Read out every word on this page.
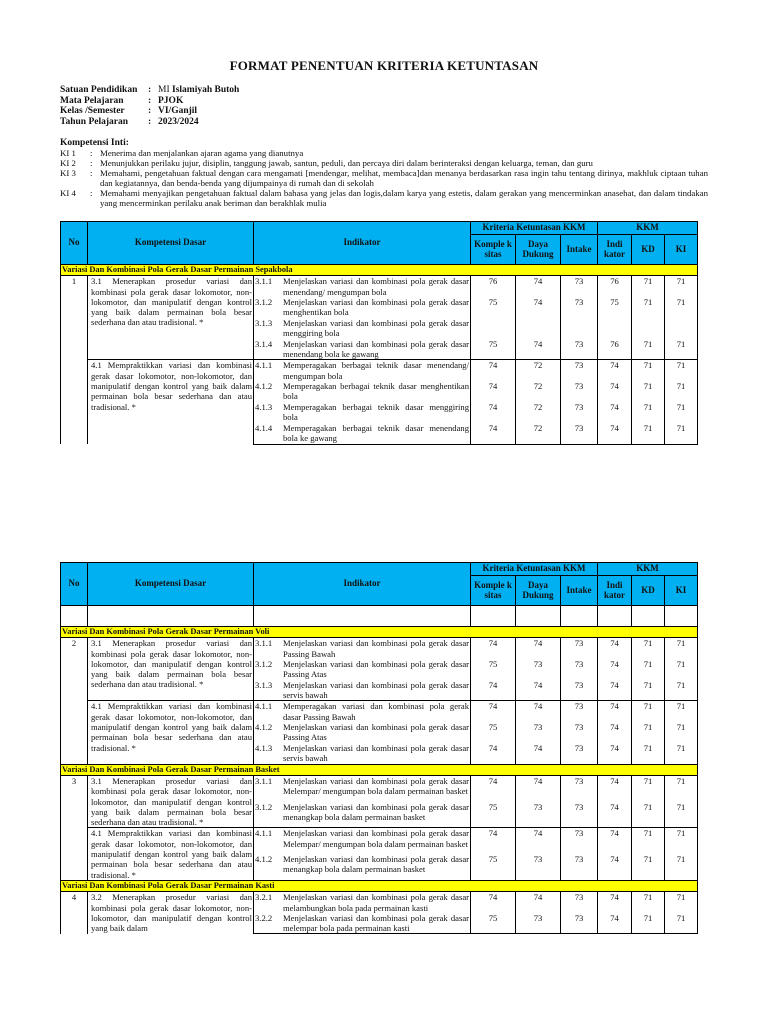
FORMAT PENENTUAN KRITERIA KETUNTASAN
Satuan Pendidikan	: MI Islamiyah Butoh
Mata Pelajaran	: PJOK
Kelas /Semester	: VI/Ganjil
Tahun Pelajaran	: 2023/2024
Kompetensi Inti:
KI 1	: Menerima dan menjalankan ajaran agama yang dianutnya
KI 2	: Menunjukkan perilaku jujur, disiplin, tanggung jawab, santun, peduli, dan percaya diri dalam berinteraksi dengan keluarga, teman, dan guru
KI 3	: Memahami, pengetahuan faktual dengan cara mengamati [mendengar, melihat, membaca]dan menanya berdasarkan rasa ingin tahu tentang dirinya, makhluk ciptaan tuhan dan kegiatannya, dan benda-benda yang dijumpainya di rumah dan di sekolah
KI 4	: Memahami menyajikan pengetahuan faktual dalam bahasa yang jelas dan logis,dalam karya yang estetis, dalam gerakan yang mencerminkan anasehat, dan dalam tindakan yang mencerminkan perilaku anak beriman dan berakhlak mulia
No	Kompetensi Dasar	Indikator	Kriteria Ketuntasan KKM			KKM		
			Komple k sitas	Daya Dukung	Intake	Indi kator	KD	KI
Variasi Dan Kombinasi Pola Gerak Dasar Permainan Sepakbola								
1	3.1 Menerapkan prosedur variasi dan kombinasi pola gerak dasar lokomotor, non-lokomotor, dan manipulatif dengan kontrol yang baik dalam permainan bola besar sederhana dan atau tradisional. *	3.1.1 Menjelaskan variasi dan kombinasi pola gerak dasar menendang/ mengumpan bola	76	74	73	76	71	71

		3.1.2 Menjelaskan variasi dan kombinasi pola gerak dasar menghentikan bola	75	74	73	75	71	71

		3.1.3 Menjelaskan variasi dan kombinasi pola gerak dasar menggiring bola						

		3.1.4 Menjelaskan variasi dan kombinasi pola gerak dasar menendang bola ke gawang	75	74	73	76	71	71
	4.1 Mempraktikkan variasi dan kombinasi gerak dasar lokomotor, non-lokomotor, dan manipulatif dengan kontrol yang baik dalam permainan bola besar sederhana dan atau tradisional. *	4.1.1 Memperagakan berbagai teknik dasar menendang/ mengumpan bola	74	72	73	74	71	71

		4.1.2 Memperagakan berbagai teknik dasar menghentikan bola	74	72	73	74	71	71

		4.1.3 Memperagakan berbagai teknik dasar menggiring bola	74	72	73	74	71	71

		4.1.4 Memperagakan berbagai teknik dasar menendang bola ke gawang	74	72	73	74	71	71
No	Kompetensi Dasar	Indikator	Kriteria Ketuntasan KKM			KKM		
			Komple k sitas	Daya Dukung	Intake	Indi kator	KD	KI

Variasi Dan Kombinasi Pola Gerak Dasar Permainan Voli								
2	3.1 Menerapkan prosedur variasi dan kombinasi pola gerak dasar lokomotor, non-lokomotor, dan manipulatif dengan kontrol yang baik dalam permainan bola besar sederhana dan atau tradisional. *	3.1.1 Menjelaskan variasi dan kombinasi pola gerak dasar Passing Bawah	74	74	73	74	71	71

		3.1.2 Menjelaskan variasi dan kombinasi pola gerak dasar Passing Atas	75	73	73	74	71	71

		3.1.3 Menjelaskan variasi dan kombinasi pola gerak dasar servis bawah	74	74	73	74	71	71
	4.1 Mempraktikkan variasi dan kombinasi gerak dasar lokomotor, non-lokomotor, dan manipulatif dengan kontrol yang baik dalam permainan bola besar sederhana dan atau tradisional. *	4.1.1 Memperagakan variasi dan kombinasi pola gerak dasar Passing Bawah	74	74	73	74	71	71

		4.1.2 Menjelaskan variasi dan kombinasi pola gerak dasar Passing Atas	75	73	73	74	71	71

		4.1.3 Menjelaskan variasi dan kombinasi pola gerak dasar servis bawah	74	74	73	74	71	71
Variasi Dan Kombinasi Pola Gerak Dasar Permainan Basket								
3	3.1 Menerapkan prosedur variasi dan kombinasi pola gerak dasar lokomotor, non-lokomotor, dan manipulatif dengan kontrol yang baik dalam permainan bola besar sederhana dan atau tradisional. *	3.1.1 Menjelaskan variasi dan kombinasi pola gerak dasar Melempar/ mengumpan bola dalam permainan basket	74	74	73	74	71	71

		3.1.2 Menjelaskan variasi dan kombinasi pola gerak dasar menangkap bola dalam permainan basket	75	73	73	74	71	71
	4.1 Mempraktikkan variasi dan kombinasi gerak dasar lokomotor, non-lokomotor, dan manipulatif dengan kontrol yang baik dalam permainan bola besar sederhana dan atau tradisional. *	4.1.1 Menjelaskan variasi dan kombinasi pola gerak dasar Melempar/ mengumpan bola dalam permainan basket	74	74	73	74	71	71

		4.1.2 Menjelaskan variasi dan kombinasi pola gerak dasar menangkap bola dalam permainan basket	75	73	73	74	71	71
Variasi Dan Kombinasi Pola Gerak Dasar Permainan Kasti								
4	3.2 Menerapkan prosedur variasi dan kombinasi pola gerak dasar lokomotor, non-lokomotor, dan manipulatif dengan kontrol yang baik dalam	3.2.1 Menjelaskan variasi dan kombinasi pola gerak dasar melambungkan bola pada permainan kasti	74	74	73	74	71	71

		3.2.2 Menjelaskan variasi dan kombinasi pola gerak dasar melempar bola pada permainan kasti	75	73	73	74	71	71
